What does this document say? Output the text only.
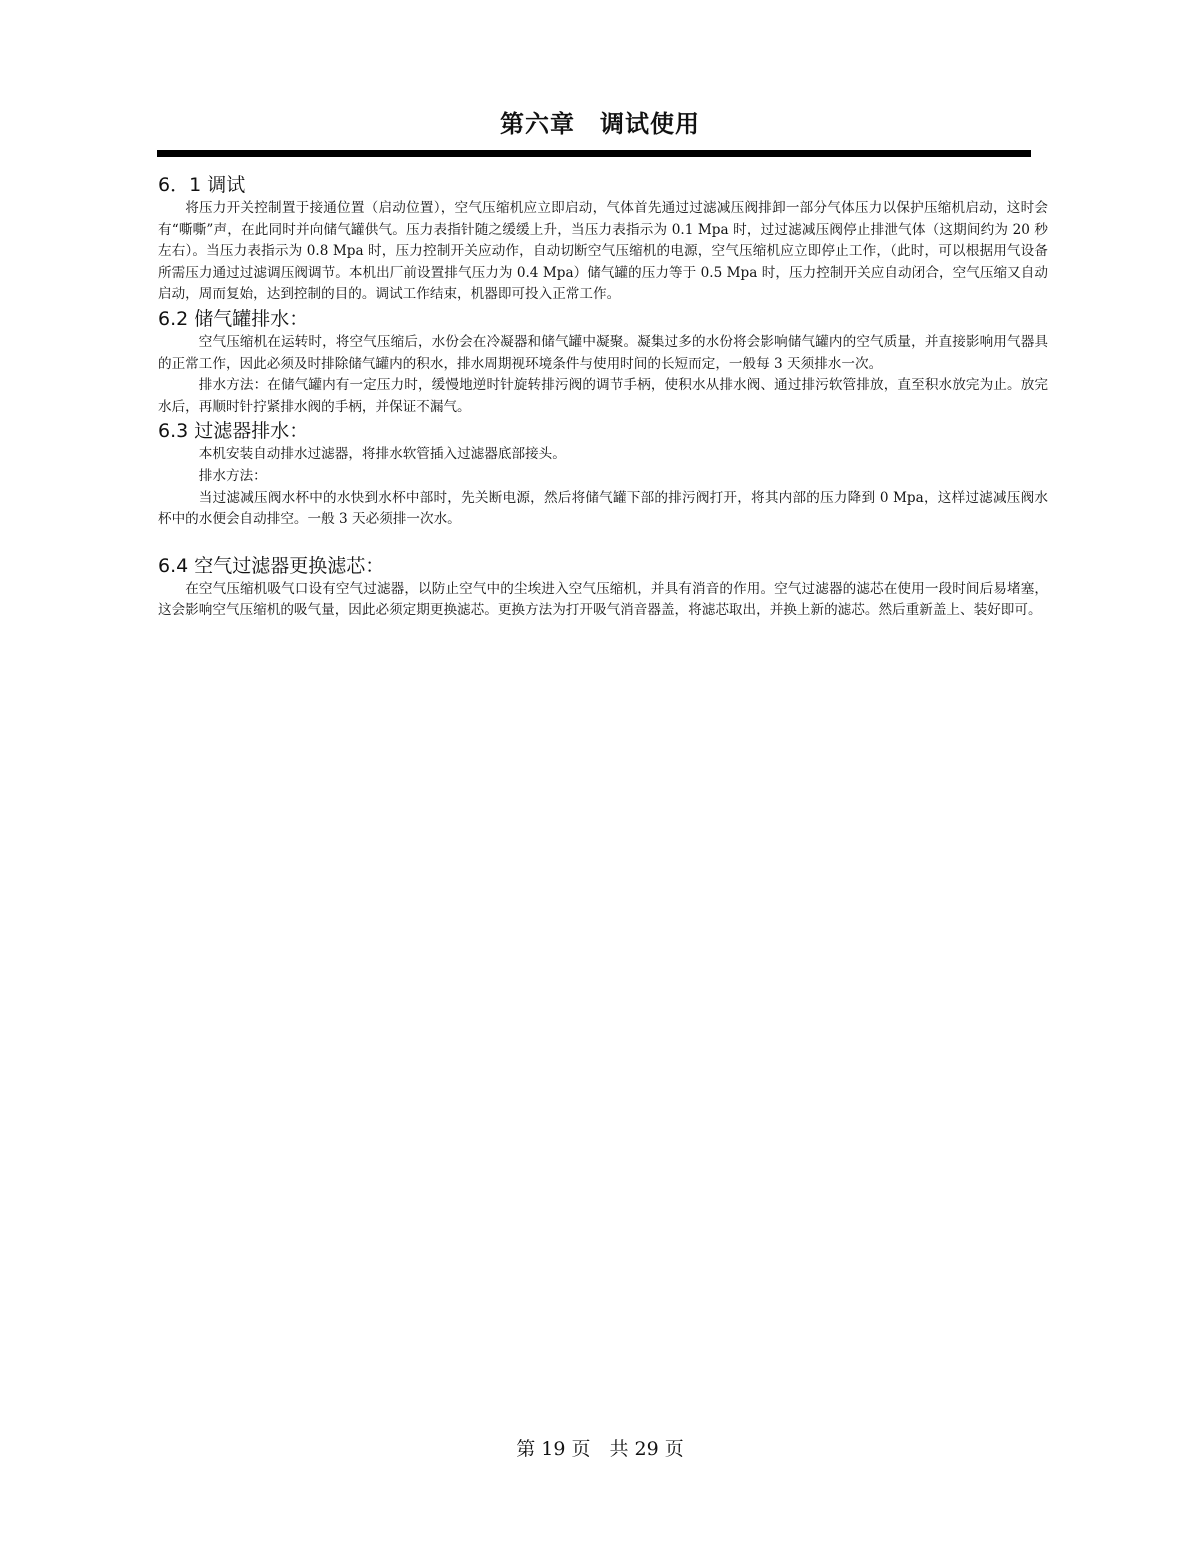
第六章　调试使用
6．1 调试

将压力开关控制置于接通位置（启动位置），空气压缩机应立即启动，气体首先通过过滤减压阀排卸一部分气体压力以保护压缩机启动，这时会有“嘶嘶”声，在此同时并向储气罐供气。压力表指针随之缓缓上升，当压力表指示为 0.1 Mpa 时，过过滤减压阀停止排泄气体（这期间约为 20 秒左右）。当压力表指示为 0.8 Mpa 时，压力控制开关应动作，自动切断空气压缩机的电源，空气压缩机应立即停止工作，（此时，可以根据用气设备所需压力通过过滤调压阀调节。本机出厂前设置排气压力为 0.4 Mpa）储气罐的压力等于 0.5 Mpa 时，压力控制开关应自动闭合，空气压缩又自动启动，周而复始，达到控制的目的。调试工作结束，机器即可投入正常工作。

6.2 储气罐排水：

空气压缩机在运转时，将空气压缩后，水份会在冷凝器和储气罐中凝聚。凝集过多的水份将会影响储气罐内的空气质量，并直接影响用气器具的正常工作，因此必须及时排除储气罐内的积水，排水周期视环境条件与使用时间的长短而定，一般每 3 天须排水一次。

排水方法：在储气罐内有一定压力时，缓慢地逆时针旋转排污阀的调节手柄，使积水从排水阀、通过排污软管排放，直至积水放完为止。放完水后，再顺时针拧紧排水阀的手柄，并保证不漏气。

6.3 过滤器排水：

本机安装自动排水过滤器，将排水软管插入过滤器底部接头。

排水方法：

当过滤减压阀水杯中的水快到水杯中部时，先关断电源，然后将储气罐下部的排污阀打开，将其内部的压力降到 0 Mpa，这样过滤减压阀水杯中的水便会自动排空。一般 3 天必须排一次水。

6.4 空气过滤器更换滤芯：

在空气压缩机吸气口设有空气过滤器，以防止空气中的尘埃进入空气压缩机，并具有消音的作用。空气过滤器的滤芯在使用一段时间后易堵塞，这会影响空气压缩机的吸气量，因此必须定期更换滤芯。更换方法为打开吸气消音器盖，将滤芯取出，并换上新的滤芯。然后重新盖上、装好即可。

第 19 页　共 29 页
